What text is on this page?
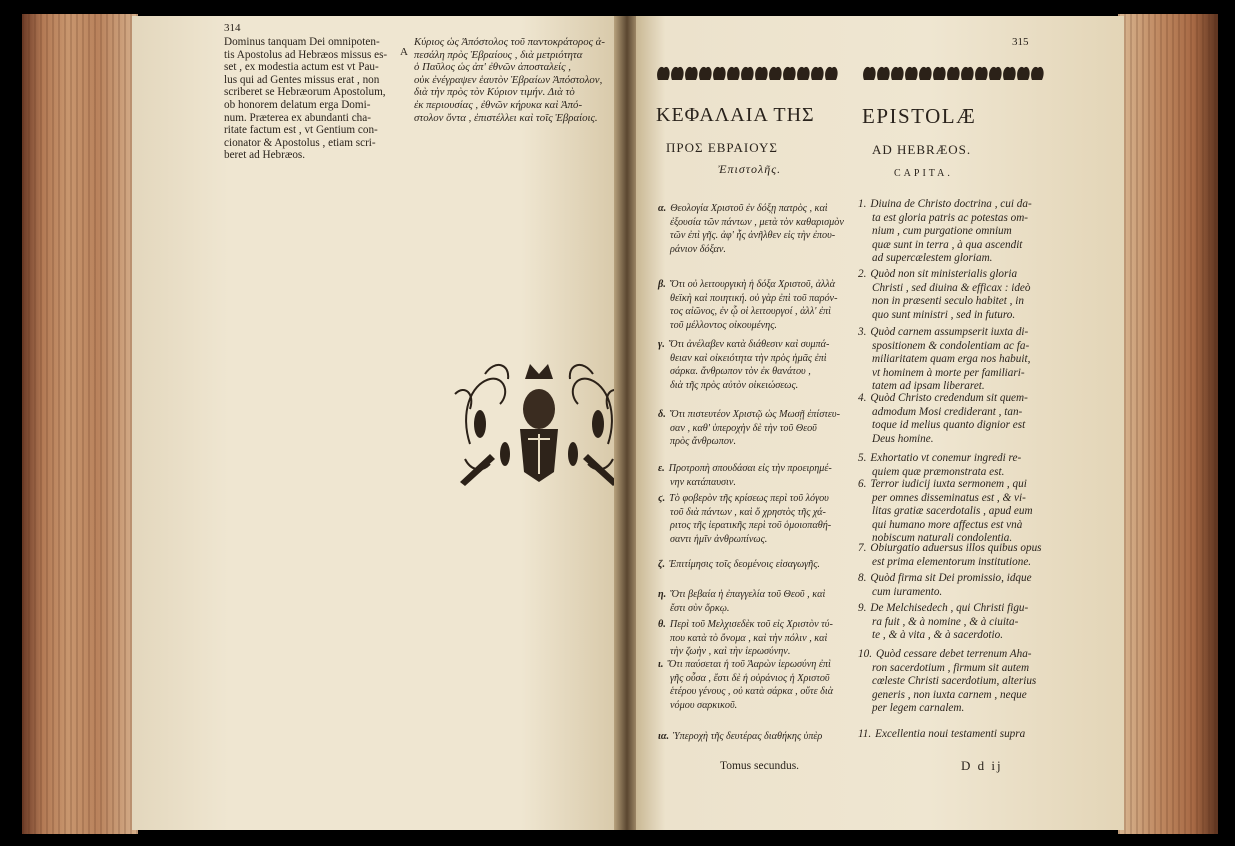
314
Dominus tanquam Dei omnipoten-
tis Apostolus ad Hebræos missus es-
set , ex modestia actum est vt Pau-
lus qui ad Gentes missus erat , non
scriberet se Hebræorum Apostolum,
ob honorem delatum erga Domi-
num. Præterea ex abundanti cha-
ritate factum est , vt Gentium con-
cionator & Apostolus , etiam scri-
beret ad Hebræos.
A
Κύριος ὡς Ἀπόστολος τοῦ παντοκράτορος ἀ-
πεσάλη πρὸς Ἑβραίους , διὰ μετριότητα
ὁ Παῦλος ὡς ἀπ' ἐθνῶν ἀποσταλείς ,
οὐκ ἐνέγραψεν ἑαυτὸν Ἑβραίων Ἀπόστολον,
διὰ τὴν πρὸς τὸν Κύριον τιμήν. Διὰ τὸ
ἐκ περιουσίας , ἐθνῶν κήρυκα καὶ Ἀπό-
στολον ὄντα , ἐπιστέλλει καὶ τοῖς Ἑβραίοις.
315
ΚΕΦΑΛΑΙΑ ΤΗΣ EPISTOLÆ
ΠΡΟΣ ΕΒΡΑΙΟΥΣ	AD HEBRÆOS.
Ἐπιστολῆς.	CAPITA.
α. Θεολογία Χριστοῦ ἐν δόξῃ πατρὸς , καὶ
ἐξουσία τῶν πάντων , μετὰ τὸν καθαρισμὸν
τῶν ἐπὶ γῆς. ἀφ' ἧς ἀνῆλθεν εἰς τὴν ἐπου-
ράνιον δόξαν.
β. Ὅτι οὐ λειτουργικὴ ἡ δόξα Χριστοῦ, ἀλλὰ
θεϊκὴ καὶ ποιητική. οὐ γὰρ ἐπὶ τοῦ παρόν-
τος αἰῶνος, ἐν ᾧ οἱ λειτουργοί , ἀλλ' ἐπὶ
τοῦ μέλλοντος οἰκουμένης.
γ. Ὅτι ἀνέλαβεν κατὰ διάθεσιν καὶ συμπά-
θειαν καὶ οἰκειότητα τὴν πρὸς ἡμᾶς ἐπὶ
σάρκα. ἄνθρωπον τὸν ἐκ θανάτου ,
διὰ τῆς πρὸς αὐτὸν οἰκειώσεως.
δ. Ὅτι πιστευτέον Χριστῷ ὡς Μωσῇ ἐπίστευ-
σαν , καθ' ὑπεροχὴν δὲ τὴν τοῦ Θεοῦ
πρὸς ἄνθρωπον.
ε. Προτροπὴ σπουδάσαι εἰς τὴν προειρημέ-
νην κατάπαυσιν.
ϛ. Τὸ φοβερὸν τῆς κρίσεως περὶ τοῦ λόγου
τοῦ διὰ πάντων , καὶ ὅ χρηστὸς τῆς χά-
ριτος τῆς ἱερατικῆς περὶ τοῦ ὁμοιοπαθή-
σαντι ἡμῖν ἀνθρωπίνως.
ζ. Ἐπιτίμησις τοῖς δεομένοις εἰσαγωγῆς.
η. Ὅτι βεβαία ἡ ἐπαγγελία τοῦ Θεοῦ , καὶ
ἔστι σὺν ὅρκῳ.
θ. Περὶ τοῦ Μελχισεδὲκ τοῦ εἰς Χριστὸν τύ-
που κατὰ τὸ ὄνομα , καὶ τὴν πόλιν , καὶ
τὴν ζωὴν , καὶ τὴν ἱερωσύνην.
ι. Ὅτι παύσεται ἡ τοῦ Ἀαρὼν ἱερωσύνη ἐπὶ
γῆς οὖσα , ἔστι δὲ ἡ οὐράνιος ἡ Χριστοῦ
ἑτέρου γένους , οὐ κατὰ σάρκα , οὔτε διὰ
νόμου σαρκικοῦ.
ια. Ὑπεροχὴ τῆς δευτέρας διαθήκης ὑπὲρ
1. Diuina de Christo doctrina , cui da-
ta est gloria patris ac potestas om-
nium , cum purgatione omnium
quæ sunt in terra , à qua ascendit
ad supercælestem gloriam.
2. Quòd non sit ministerialis gloria
Christi , sed diuina & efficax : ideò
non in præsenti seculo habitet , in
quo sunt ministri , sed in futuro.
3. Quòd carnem assumpserit iuxta di-
spositionem & condolentiam ac fa-
miliaritatem quam erga nos habuit,
vt hominem à morte per familiari-
tatem ad ipsam liberaret.
4. Quòd Christo credendum sit quem-
admodum Mosi crediderant , tan-
toque id melius quanto dignior est
Deus homine.
5. Exhortatio vt conemur ingredi re-
quiem quæ præmonstrata est.
6. Terror iudicij iuxta sermonem , qui
per omnes disseminatus est , & vi-
litas gratiæ sacerdotalis , apud eum
qui humano more affectus est vnà
nobiscum naturali condolentia.
7. Obiurgatio aduersus illos quibus opus
est prima elementorum institutione.
8. Quòd firma sit Dei promissio, idque
cum iuramento.
9. De Melchisedech , qui Christi figu-
ra fuit , & à nomine , & à ciuita-
te , & à vita , & à sacerdotio.
10. Quòd cessare debet terrenum Aha-
ron sacerdotium , firmum sit autem
cœleste Christi sacerdotium, alterius
generis , non iuxta carnem , neque
per legem carnalem.
11. Excellentia noui testamenti supra
Tomus secundus.	D d ij
